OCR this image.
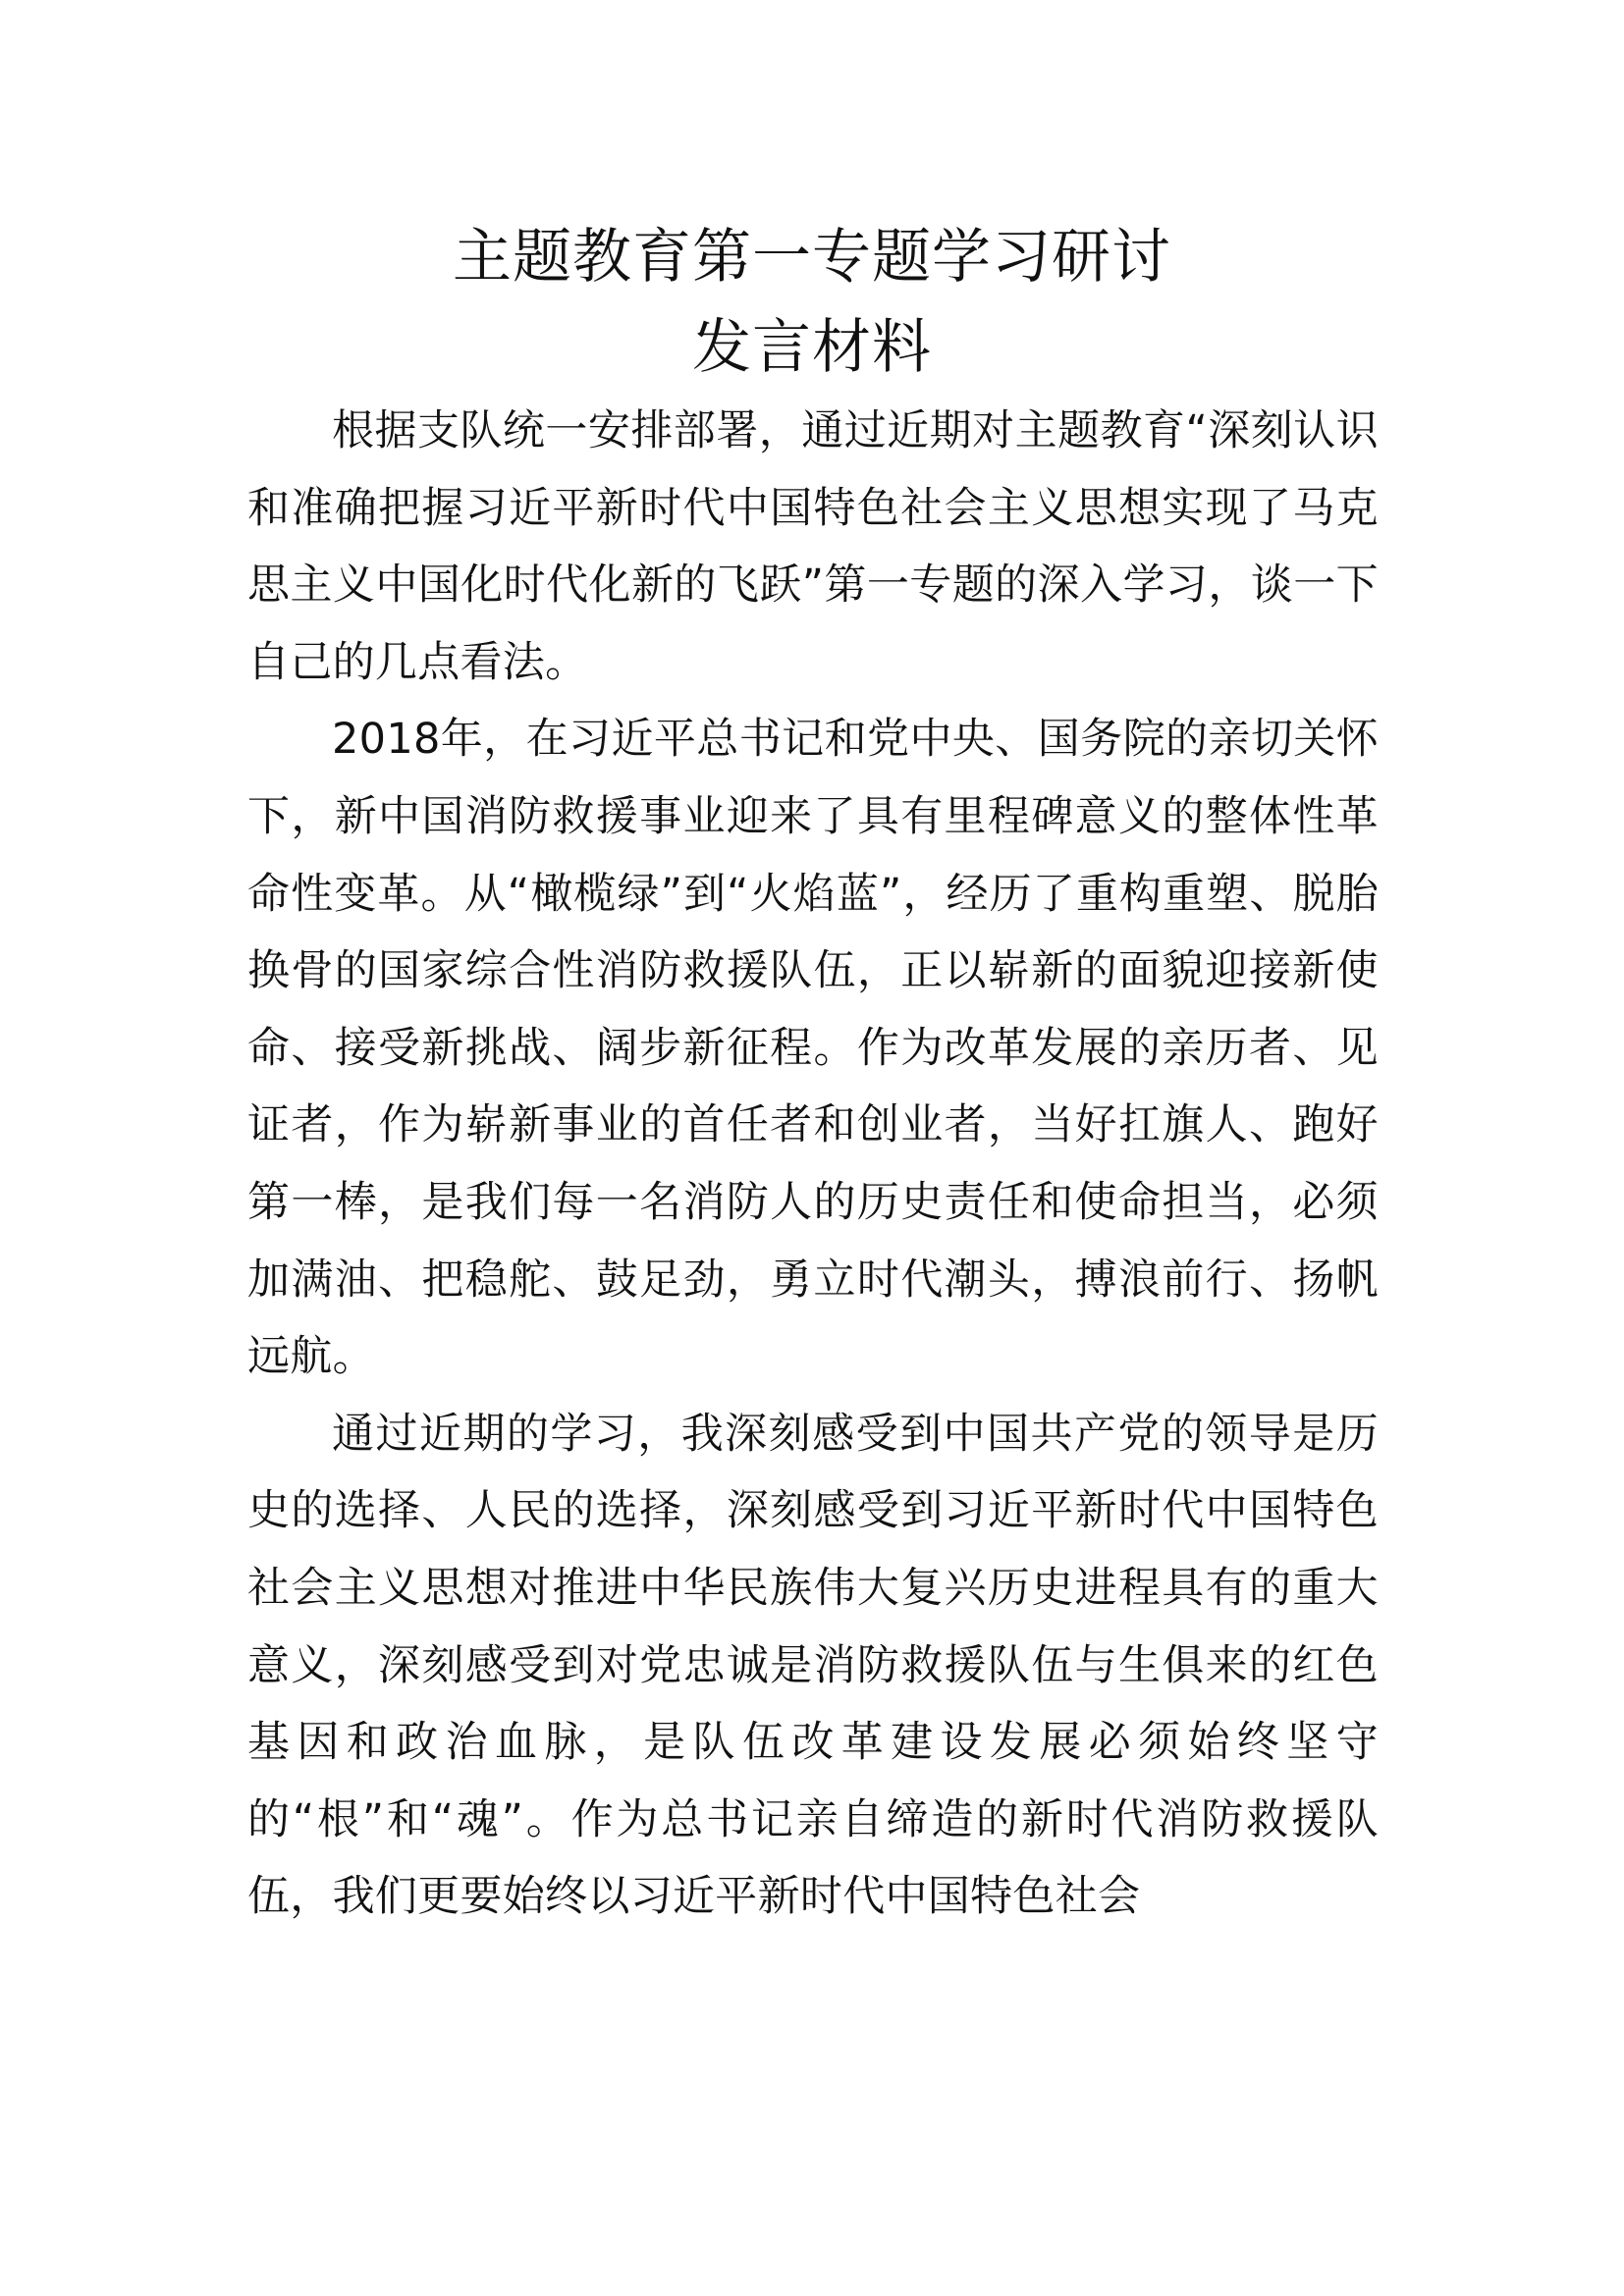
主题教育第一专题学习研讨
发言材料

根据支队统一安排部署，通过近期对主题教育“深刻认识和准确把握习近平新时代中国特色社会主义思想实现了马克思主义中国化时代化新的飞跃”第一专题的深入学习，谈一下自己的几点看法。

2018年，在习近平总书记和党中央、国务院的亲切关怀下，新中国消防救援事业迎来了具有里程碑意义的整体性革命性变革。从“橄榄绿”到“火焰蓝”，经历了重构重塑、脱胎换骨的国家综合性消防救援队伍，正以崭新的面貌迎接新使命、接受新挑战、阔步新征程。作为改革发展的亲历者、见证者，作为崭新事业的首任者和创业者，当好扛旗人、跑好第一棒，是我们每一名消防人的历史责任和使命担当，必须加满油、把稳舵、鼓足劲，勇立时代潮头，搏浪前行、扬帆远航。

通过近期的学习，我深刻感受到中国共产党的领导是历史的选择、人民的选择，深刻感受到习近平新时代中国特色社会主义思想对推进中华民族伟大复兴历史进程具有的重大意义，深刻感受到对党忠诚是消防救援队伍与生俱来的红色基因和政治血脉，是队伍改革建设发展必须始终坚守的“根”和“魂”。作为总书记亲自缔造的新时代消防救援队伍，我们更要始终以习近平新时代中国特色社会
